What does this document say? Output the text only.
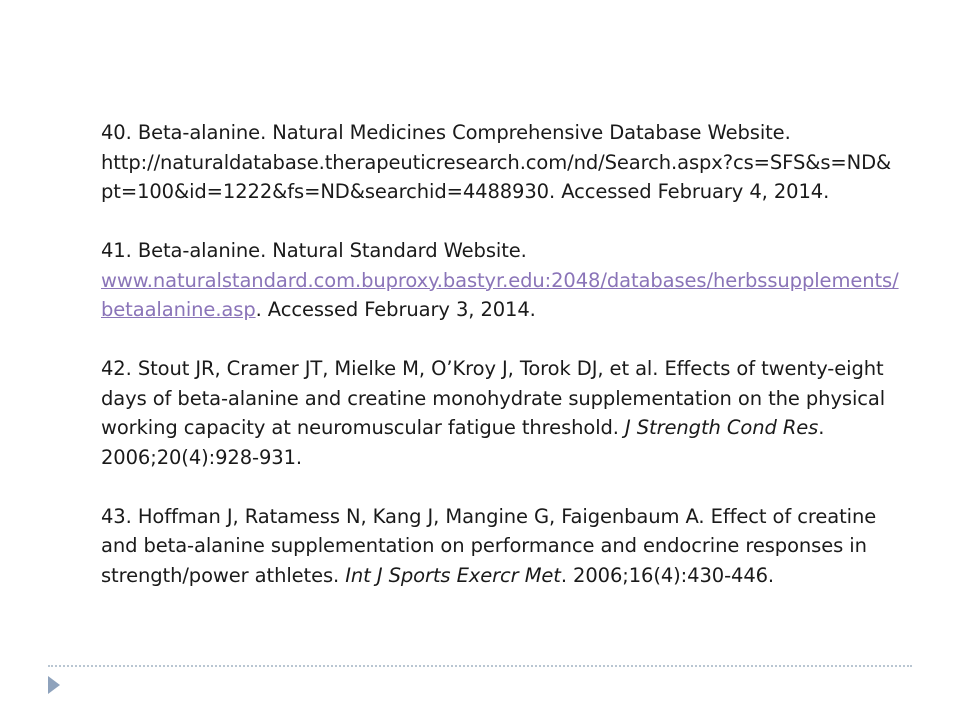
40. Beta-alanine. Natural Medicines Comprehensive Database Website.
http://naturaldatabase.therapeuticresearch.com/nd/Search.aspx?cs=SFS&s=ND&pt=100&id=1222&fs=ND&searchid=4488930. Accessed February 4, 2014.

41. Beta-alanine. Natural Standard Website.
www.naturalstandard.com.buproxy.bastyr.edu:2048/databases/herbssupplements/betaalanine.asp. Accessed February 3, 2014.

42. Stout JR, Cramer JT, Mielke M, O’Kroy J, Torok DJ, et al. Effects of twenty-eight days of beta-alanine and creatine monohydrate supplementation on the physical working capacity at neuromuscular fatigue threshold. J Strength Cond Res. 2006;20(4):928-931.

43. Hoffman J, Ratamess N, Kang J, Mangine G, Faigenbaum A. Effect of creatine and beta-alanine supplementation on performance and endocrine responses in strength/power athletes. Int J Sports Exercr Met. 2006;16(4):430-446.
